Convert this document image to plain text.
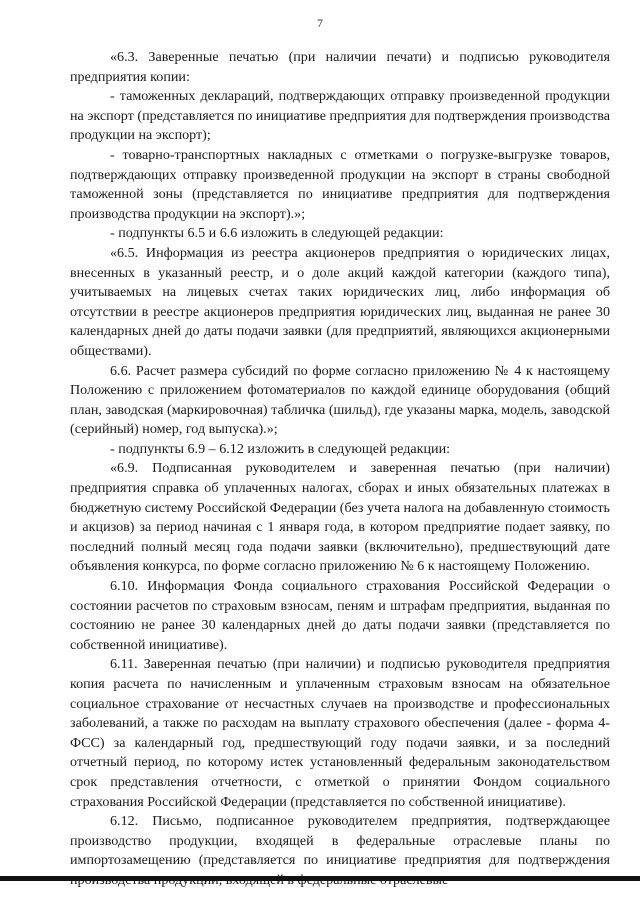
7

«6.3. Заверенные печатью (при наличии печати) и подписью руководителя предприятия копии:

- таможенных деклараций, подтверждающих отправку произведенной продукции на экспорт (представляется по инициативе предприятия для подтверждения производства продукции на экспорт);

- товарно-транспортных накладных с отметками о погрузке-выгрузке товаров, подтверждающих отправку произведенной продукции на экспорт в страны свободной таможенной зоны (представляется по инициативе предприятия для подтверждения производства продукции на экспорт).»;

- подпункты 6.5 и 6.6 изложить в следующей редакции:

«6.5. Информация из реестра акционеров предприятия о юридических лицах, внесенных в указанный реестр, и о доле акций каждой категории (каждого типа), учитываемых на лицевых счетах таких юридических лиц, либо информация об отсутствии в реестре акционеров предприятия юридических лиц, выданная не ранее 30 календарных дней до даты подачи заявки (для предприятий, являющихся акционерными обществами).

6.6. Расчет размера субсидий по форме согласно приложению № 4 к настоящему Положению с приложением фотоматериалов по каждой единице оборудования (общий план, заводская (маркировочная) табличка (шильд), где указаны марка, модель, заводской (серийный) номер, год выпуска).»;

- подпункты 6.9 – 6.12 изложить в следующей редакции:

«6.9. Подписанная руководителем и заверенная печатью (при наличии) предприятия справка об уплаченных налогах, сборах и иных обязательных платежах в бюджетную систему Российской Федерации (без учета налога на добавленную стоимость и акцизов) за период начиная с 1 января года, в котором предприятие подает заявку, по последний полный месяц года подачи заявки (включительно), предшествующий дате объявления конкурса, по форме согласно приложению № 6 к настоящему Положению.

6.10. Информация Фонда социального страхования Российской Федерации о состоянии расчетов по страховым взносам, пеням и штрафам предприятия, выданная по состоянию не ранее 30 календарных дней до даты подачи заявки (представляется по собственной инициативе).

6.11. Заверенная печатью (при наличии) и подписью руководителя предприятия копия расчета по начисленным и уплаченным страховым взносам на обязательное социальное страхование от несчастных случаев на производстве и профессиональных заболеваний, а также по расходам на выплату страхового обеспечения (далее - форма 4-ФСС) за календарный год, предшествующий году подачи заявки, и за последний отчетный период, по которому истек установленный федеральным законодательством срок представления отчетности, с отметкой о принятии Фондом социального страхования Российской Федерации (представляется по собственной инициативе).

6.12. Письмо, подписанное руководителем предприятия, подтверждающее производство продукции, входящей в федеральные отраслевые планы по импортозамещению (представляется по инициативе предприятия для подтверждения
